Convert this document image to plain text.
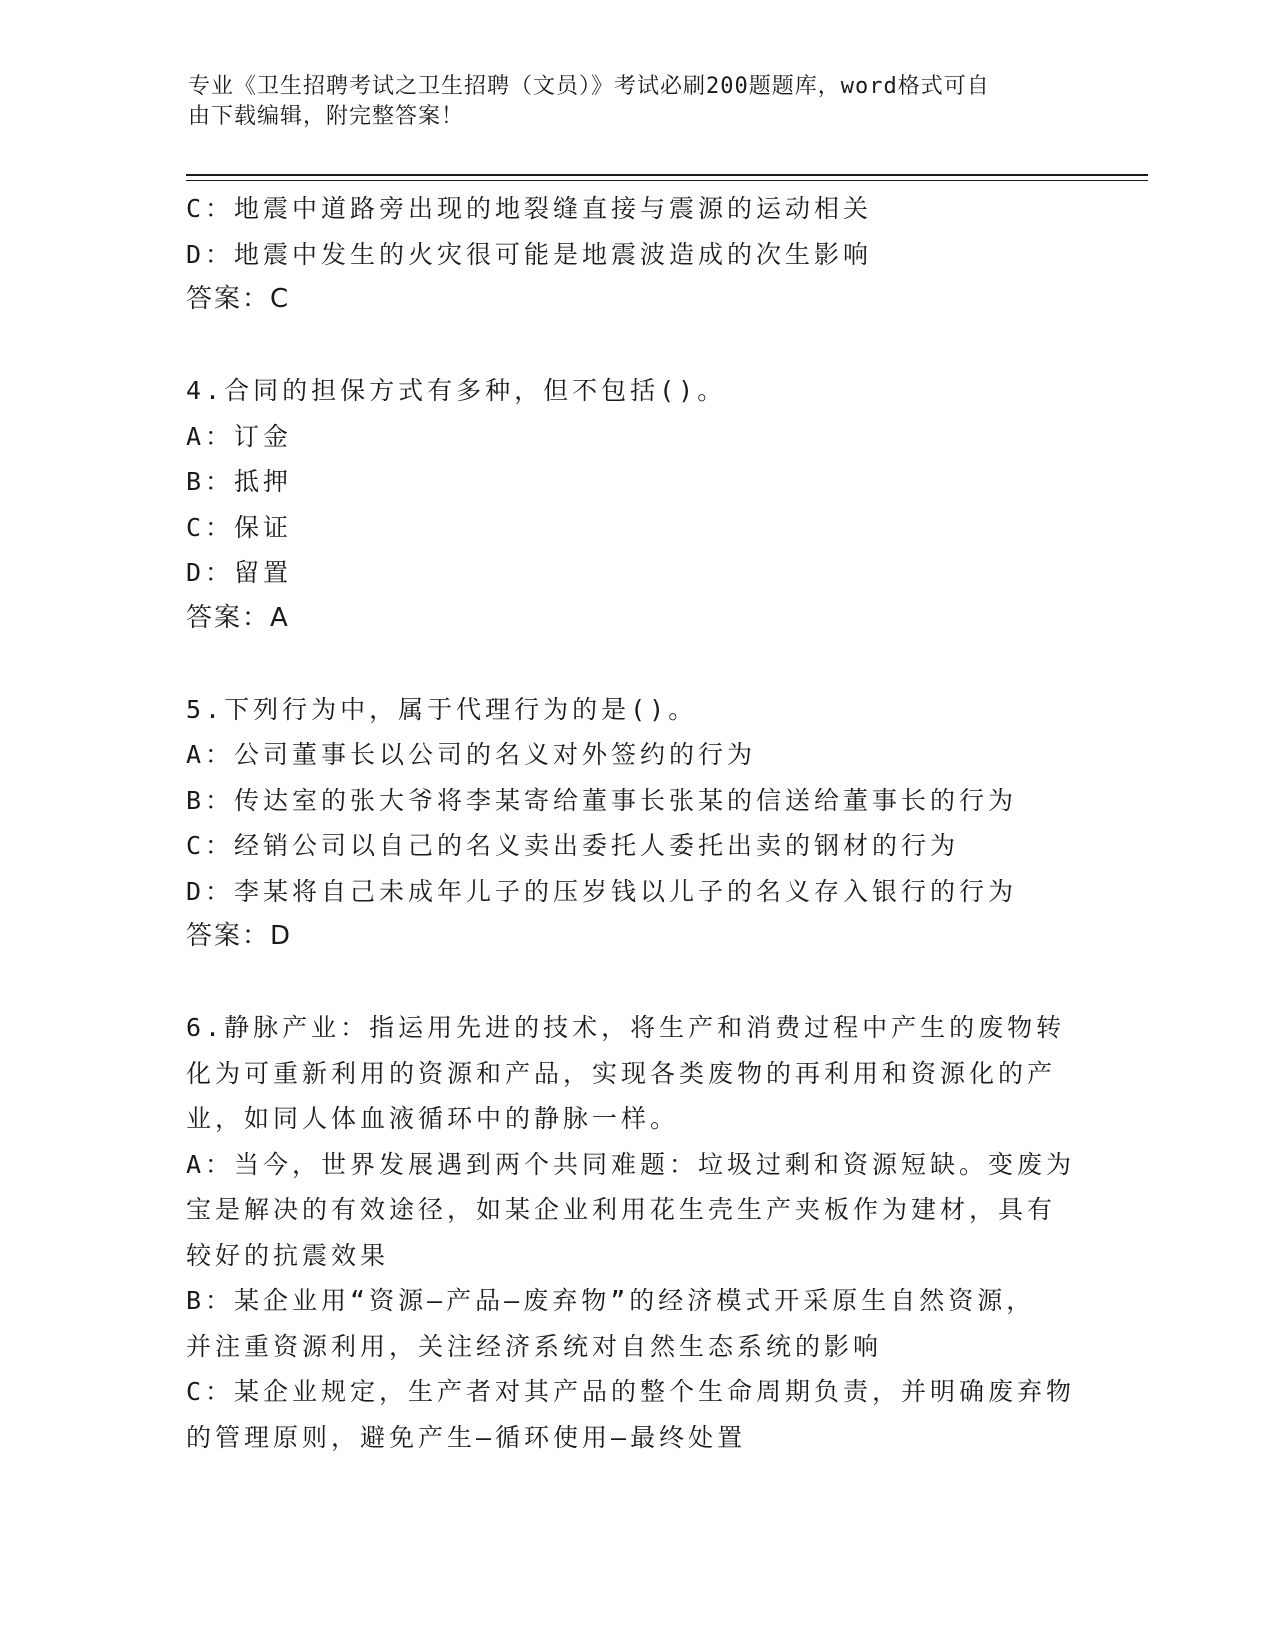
专业《卫生招聘考试之卫生招聘（文员）》考试必刷200题题库，word格式可自
由下载编辑，附完整答案！
C：地震中道路旁出现的地裂缝直接与震源的运动相关
D：地震中发生的火灾很可能是地震波造成的次生影响
答案：C
4.合同的担保方式有多种，但不包括()。
A：订金
B：抵押
C：保证
D：留置
答案：A
5.下列行为中，属于代理行为的是()。
A：公司董事长以公司的名义对外签约的行为
B：传达室的张大爷将李某寄给董事长张某的信送给董事长的行为
C：经销公司以自己的名义卖出委托人委托出卖的钢材的行为
D：李某将自己未成年儿子的压岁钱以儿子的名义存入银行的行为
答案：D
6.静脉产业：指运用先进的技术，将生产和消费过程中产生的废物转
化为可重新利用的资源和产品，实现各类废物的再利用和资源化的产
业，如同人体血液循环中的静脉一样。
A：当今，世界发展遇到两个共同难题：垃圾过剩和资源短缺。变废为
宝是解决的有效途径，如某企业利用花生壳生产夹板作为建材，具有
较好的抗震效果
B：某企业用“资源—产品—废弃物”的经济模式开采原生自然资源，
并注重资源利用，关注经济系统对自然生态系统的影响
C：某企业规定，生产者对其产品的整个生命周期负责，并明确废弃物
的管理原则，避免产生—循环使用—最终处置
